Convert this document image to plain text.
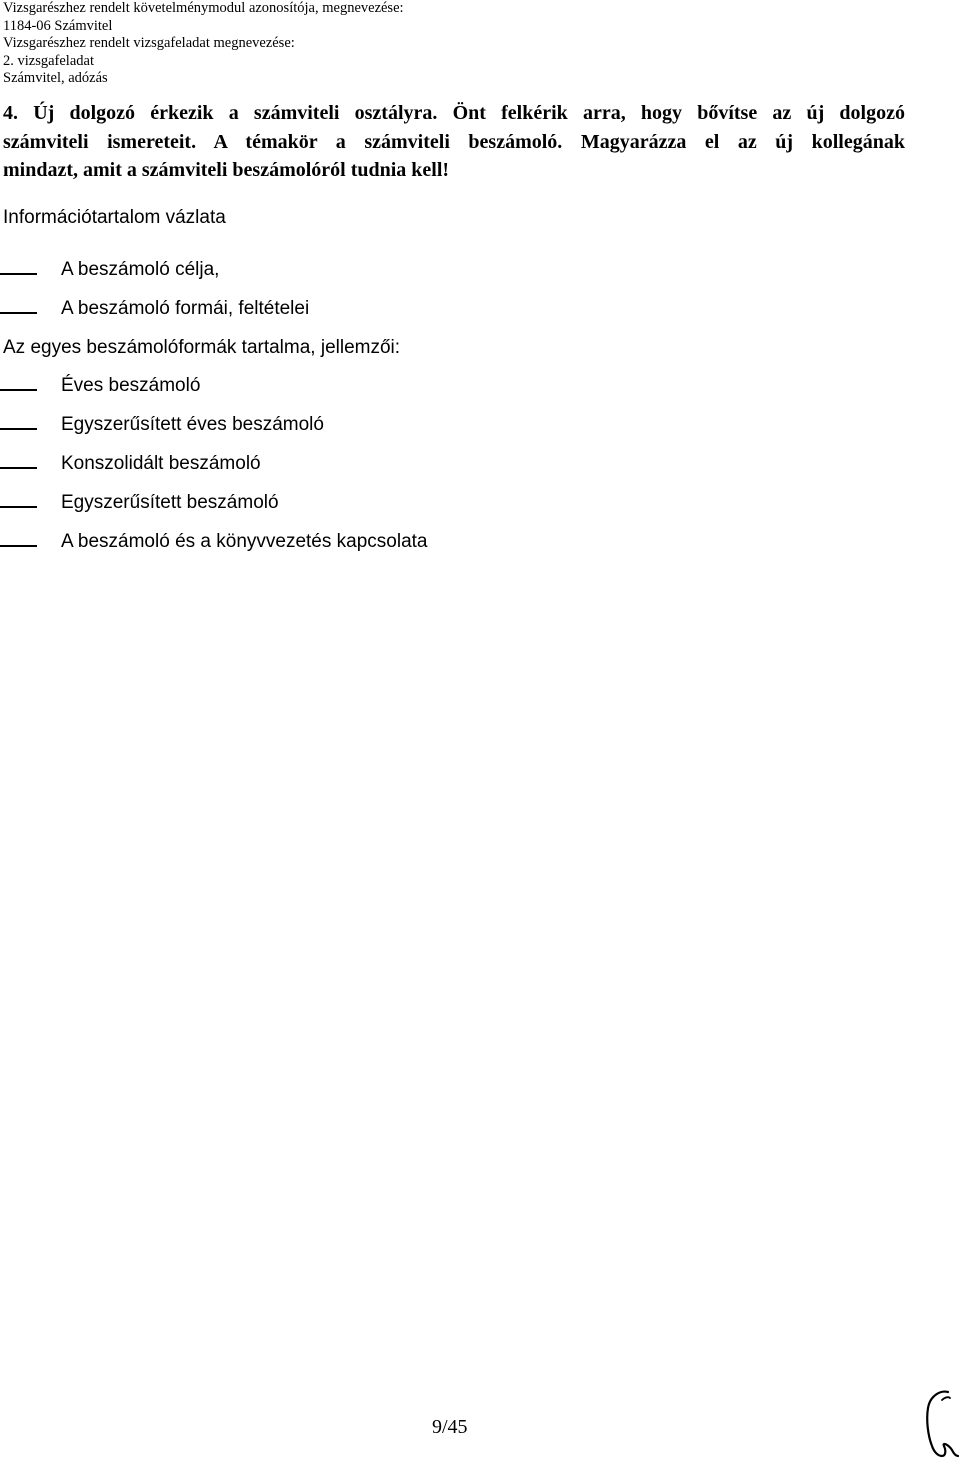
Vizsgarészhez rendelt követelménymodul azonosítója, megnevezése:
1184-06 Számvitel
Vizsgarészhez rendelt vizsgafeladat megnevezése:
2. vizsgafeladat
Számvitel, adózás
4. Új dolgozó érkezik a számviteli osztályra. Önt felkérik arra, hogy bővítse az új dolgozó
számviteli ismereteit. A témakör a számviteli beszámoló. Magyarázza el az új kollegának
mindazt, amit a számviteli beszámolóról tudnia kell!
Információtartalom vázlata
A beszámoló célja,
A beszámoló formái, feltételei
Az egyes beszámolóformák tartalma, jellemzői:
Éves beszámoló
Egyszerűsített éves beszámoló
Konszolidált beszámoló
Egyszerűsített beszámoló
A beszámoló és a könyvvezetés kapcsolata
9/45
